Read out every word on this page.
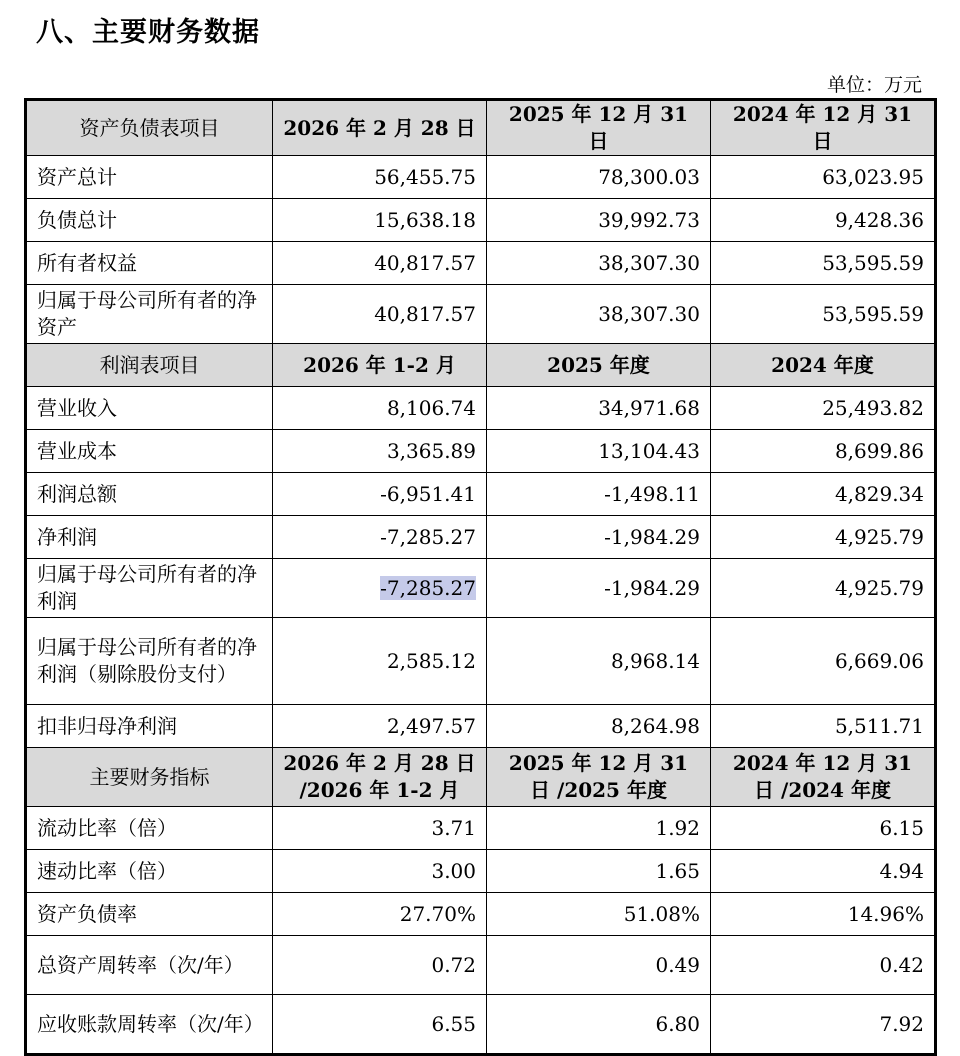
八、主要财务数据
单位：万元
资产负债表项目	2026 年 2 月 28 日	2025 年 12 月 31 日	2024 年 12 月 31 日
资产总计	56,455.75	78,300.03	63,023.95
负债总计	15,638.18	39,992.73	9,428.36
所有者权益	40,817.57	38,307.30	53,595.59
归属于母公司所有者的净资产	40,817.57	38,307.30	53,595.59
利润表项目	2026 年 1-2 月	2025 年度	2024 年度
营业收入	8,106.74	34,971.68	25,493.82
营业成本	3,365.89	13,104.43	8,699.86
利润总额	-6,951.41	-1,498.11	4,829.34
净利润	-7,285.27	-1,984.29	4,925.79
归属于母公司所有者的净利润	-7,285.27	-1,984.29	4,925.79
归属于母公司所有者的净利润（剔除股份支付）	2,585.12	8,968.14	6,669.06
扣非归母净利润	2,497.57	8,264.98	5,511.71
主要财务指标	2026 年 2 月 28 日 /2026 年 1-2 月	2025 年 12 月 31 日 /2025 年度	2024 年 12 月 31 日 /2024 年度
流动比率（倍）	3.71	1.92	6.15
速动比率（倍）	3.00	1.65	4.94
资产负债率	27.70%	51.08%	14.96%
总资产周转率（次/年）	0.72	0.49	0.42
应收账款周转率（次/年）	6.55	6.80	7.92
